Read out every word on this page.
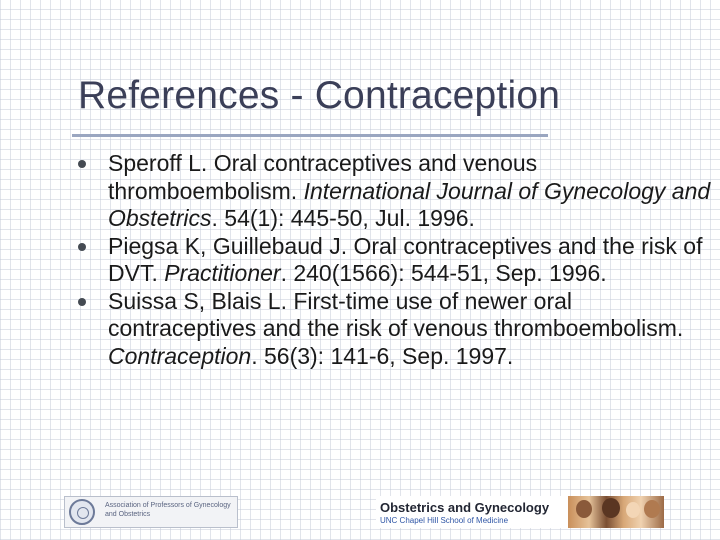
References - Contraception
Speroff L. Oral contraceptives and venous thromboembolism. International Journal of Gynecology and Obstetrics. 54(1): 445-50, Jul. 1996.
Piegsa K, Guillebaud J. Oral contraceptives and the risk of DVT. Practitioner. 240(1566): 544-51, Sep. 1996.
Suissa S, Blais L. First-time use of newer oral contraceptives and the risk of venous thromboembolism. Contraception. 56(3): 141-6, Sep. 1997.
Association of Professors of Gynecology and Obstetrics	Obstetrics and Gynecology
UNC Chapel Hill School of Medicine
